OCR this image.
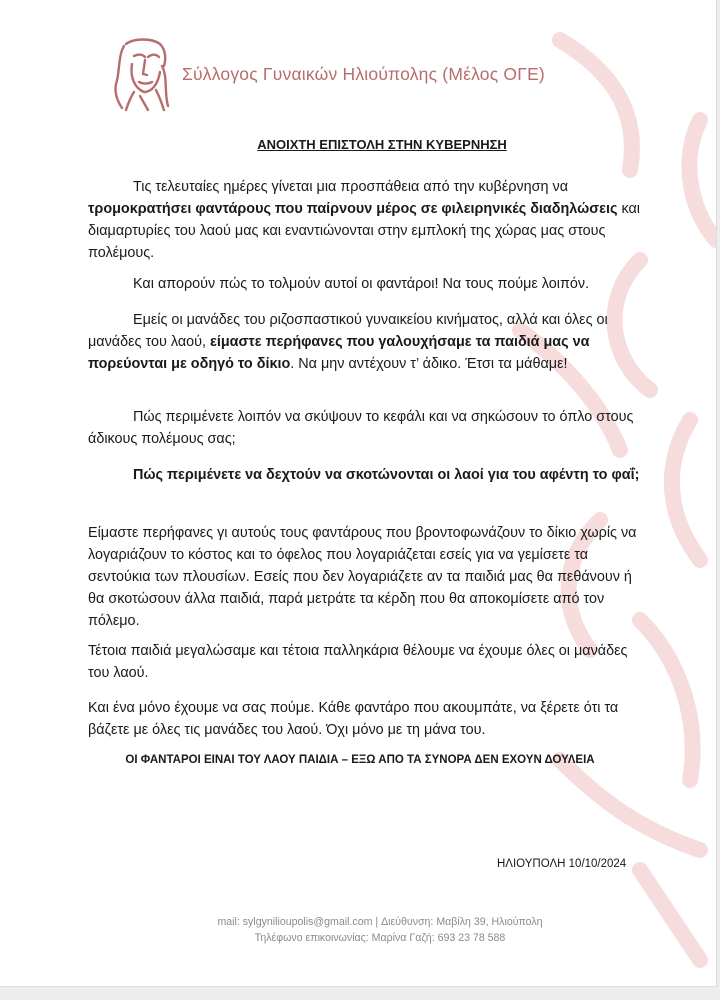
Σύλλογος Γυναικών Ηλιούπολης (Μέλος ΟΓΕ)
ΑΝΟΙΧΤΗ ΕΠΙΣΤΟΛΗ ΣΤΗΝ ΚΥΒΕΡΝΗΣΗ

Τις τελευταίες ημέρες γίνεται μια προσπάθεια από την κυβέρνηση να τρομοκρατήσει φαντάρους που παίρνουν μέρος σε φιλειρηνικές διαδηλώσεις και διαμαρτυρίες του λαού μας και εναντιώνονται στην εμπλοκή της χώρας μας στους πολέμους.

Και απορούν πώς το τολμούν αυτοί οι φαντάροι! Να τους πούμε λοιπόν.

Εμείς οι μανάδες του ριζοσπαστικού γυναικείου κινήματος, αλλά και όλες οι μανάδες του λαού, είμαστε περήφανες που γαλουχήσαμε τα παιδιά μας να πορεύονται με οδηγό το δίκιο. Να μην αντέχουν τ’ άδικο. Έτσι τα μάθαμε!

Πώς περιμένετε λοιπόν να σκύψουν το κεφάλι και να σηκώσουν το όπλο στους άδικους πολέμους σας;

Πώς περιμένετε να δεχτούν να σκοτώνονται οι λαοί για του αφέντη το φαΐ;

Είμαστε περήφανες γι αυτούς τους φαντάρους που βροντοφωνάζουν το δίκιο χωρίς να λογαριάζουν το κόστος και το όφελος που λογαριάζεται εσείς για να γεμίσετε τα σεντούκια των πλουσίων. Εσείς που δεν λογαριάζετε αν τα παιδιά μας θα πεθάνουν ή θα σκοτώσουν άλλα παιδιά, παρά μετράτε τα κέρδη που θα αποκομίσετε από τον πόλεμο.

Τέτοια παιδιά μεγαλώσαμε και τέτοια παλληκάρια θέλουμε να έχουμε όλες οι μανάδες του λαού.

Και ένα μόνο έχουμε να σας πούμε. Κάθε φαντάρο που ακουμπάτε, να ξέρετε ότι τα βάζετε με όλες τις μανάδες του λαού. Όχι μόνο με τη μάνα του.

ΟΙ ΦΑΝΤΑΡΟΙ ΕΙΝΑΙ ΤΟΥ ΛΑΟΥ ΠΑΙΔΙΑ – ΕΞΩ ΑΠΟ ΤΑ ΣΥΝΟΡΑ ΔΕΝ ΕΧΟΥΝ ΔΟΥΛΕΙΑ
ΗΛΙΟΥΠΟΛΗ 10/10/2024
mail: sylgynilioupolis@gmail.com | Διεύθυνση: Μαβίλη 39, Ηλιούπολη
Τηλέφωνο επικοινωνίας: Μαρίνα Γαζή: 693 23 78 588
